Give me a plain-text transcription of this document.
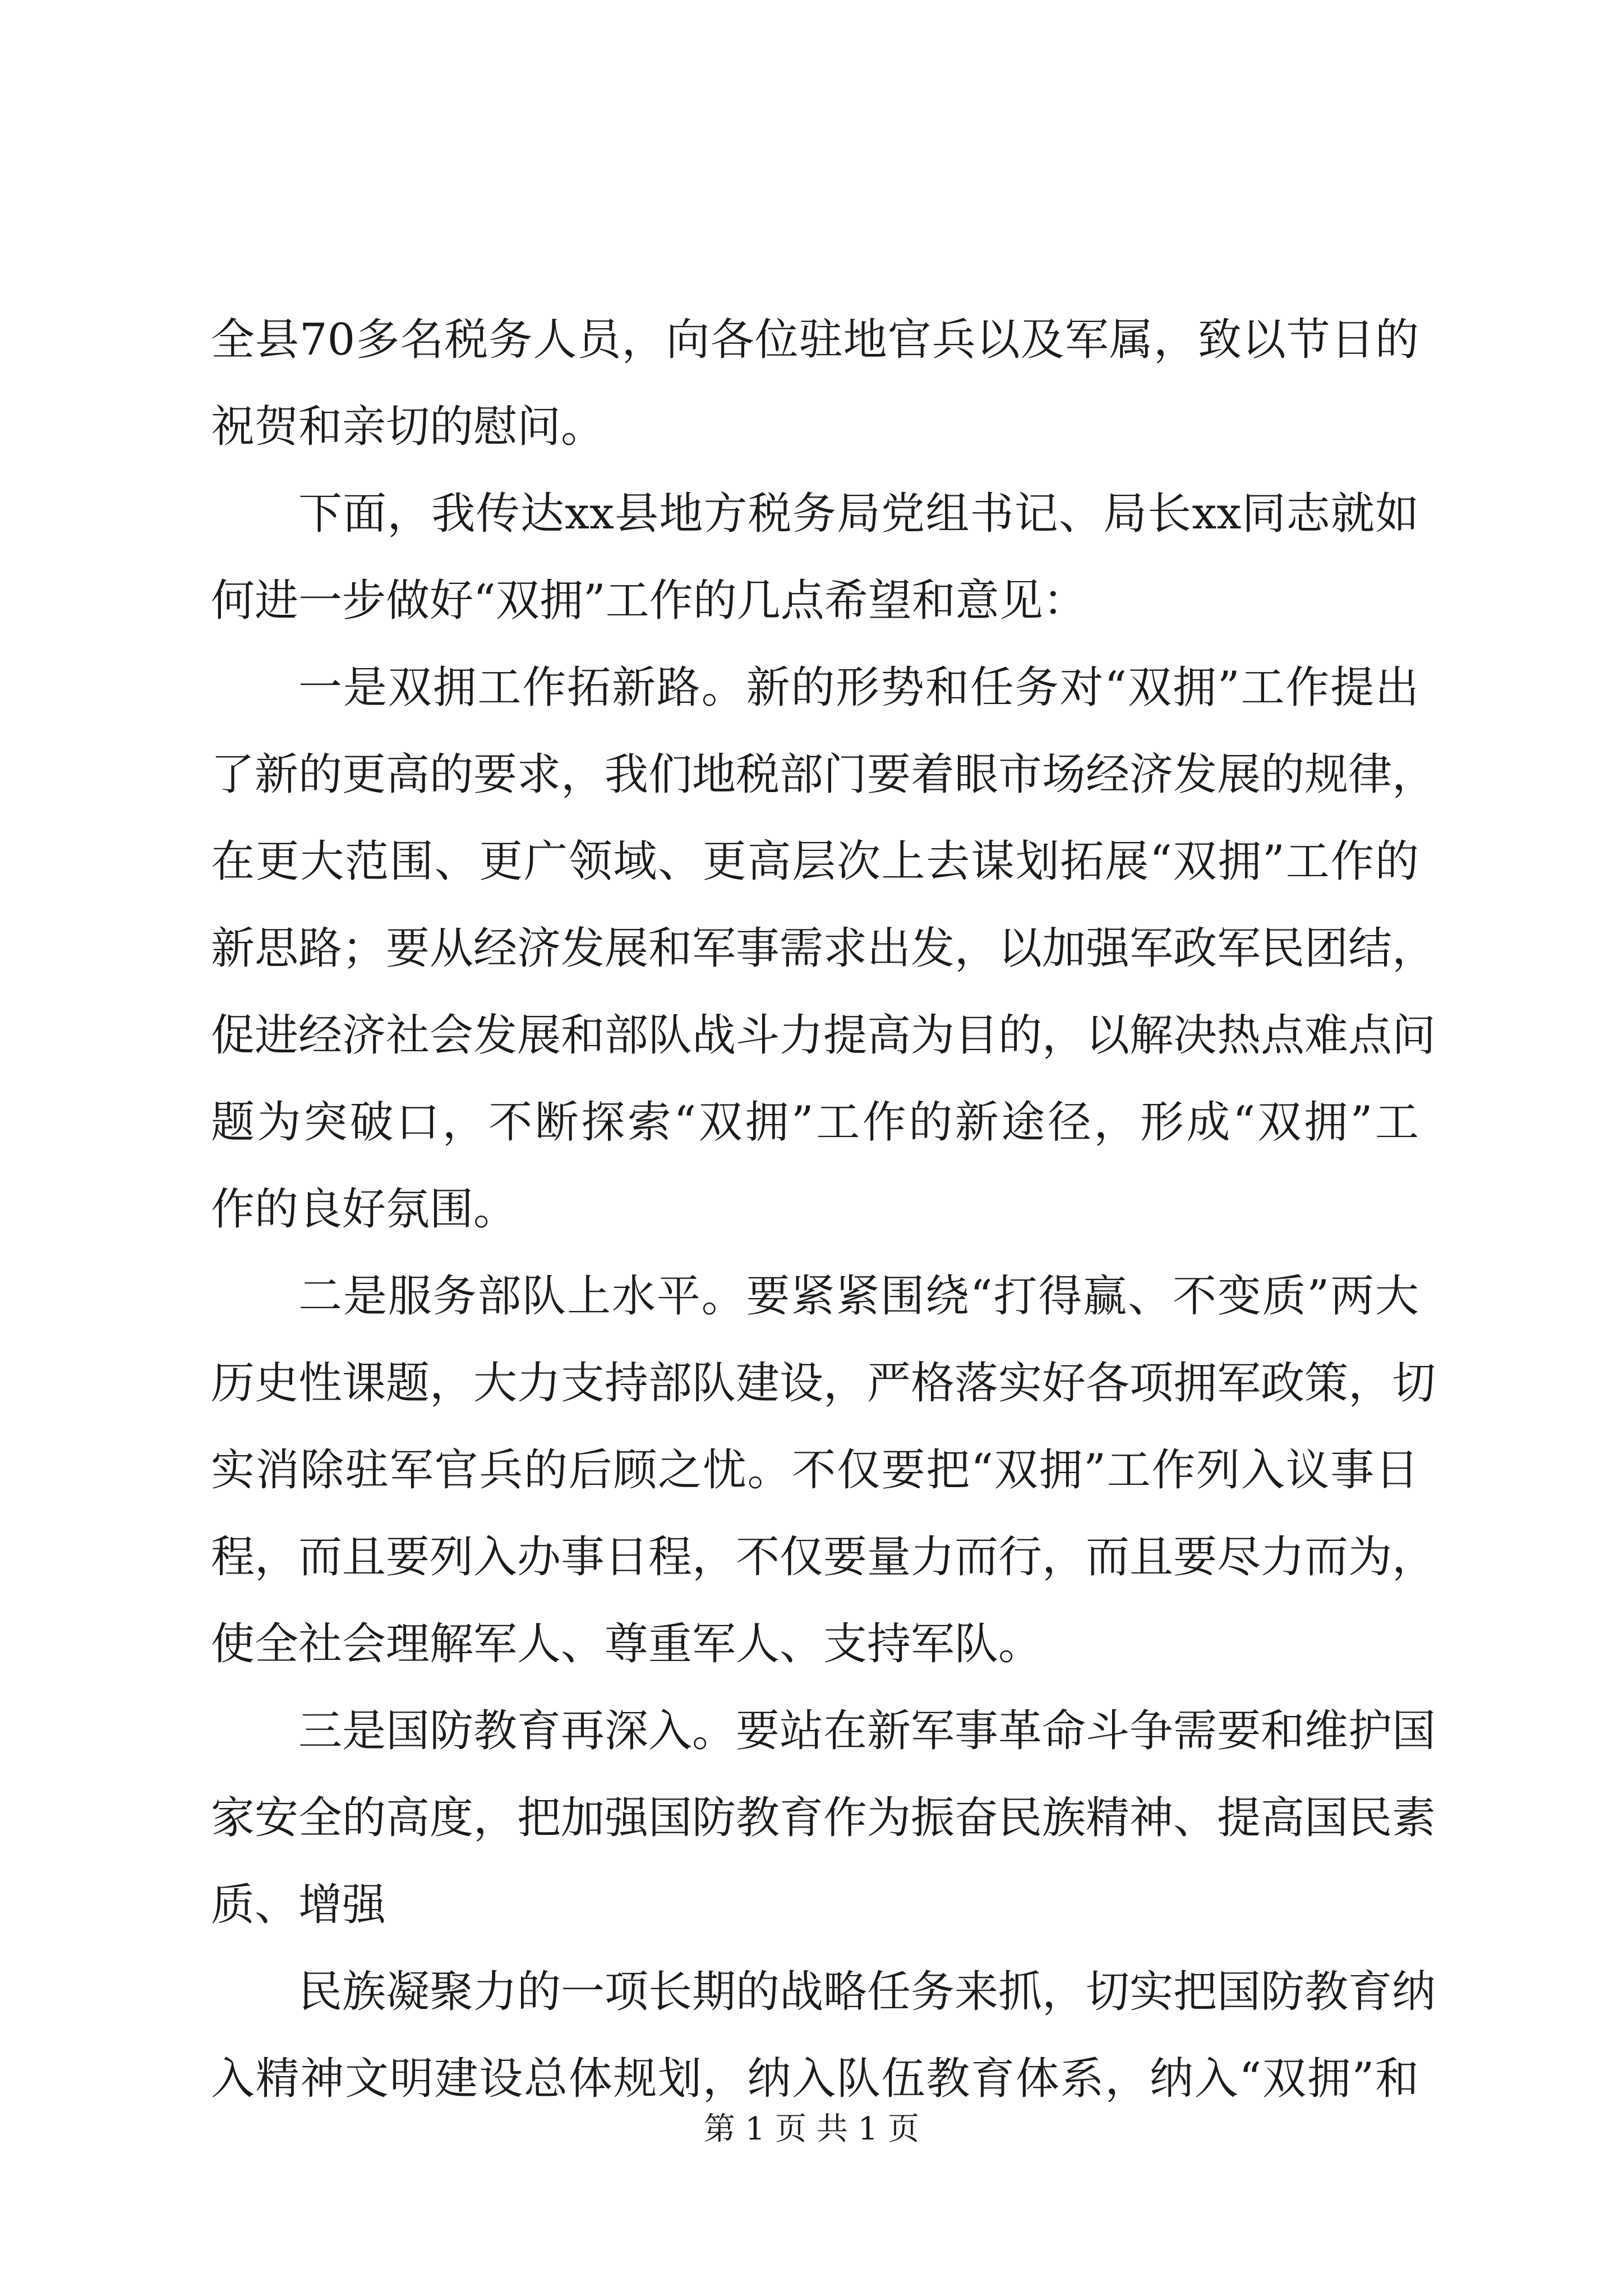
全县70多名税务人员，向各位驻地官兵以及军属，致以节日的
祝贺和亲切的慰问。
下面，我传达xx县地方税务局党组书记、局长xx同志就如
何进一步做好“双拥”工作的几点希望和意见：
一是双拥工作拓新路。新的形势和任务对“双拥”工作提出
了新的更高的要求，我们地税部门要着眼市场经济发展的规律，
在更大范围、更广领域、更高层次上去谋划拓展“双拥”工作的
新思路；要从经济发展和军事需求出发，以加强军政军民团结，
促进经济社会发展和部队战斗力提高为目的，以解决热点难点问
题为突破口，不断探索“双拥”工作的新途径，形成“双拥”工
作的良好氛围。
二是服务部队上水平。要紧紧围绕“打得赢、不变质”两大
历史性课题，大力支持部队建设，严格落实好各项拥军政策，切
实消除驻军官兵的后顾之忧。不仅要把“双拥”工作列入议事日
程，而且要列入办事日程，不仅要量力而行，而且要尽力而为，
使全社会理解军人、尊重军人、支持军队。
三是国防教育再深入。要站在新军事革命斗争需要和维护国
家安全的高度，把加强国防教育作为振奋民族精神、提高国民素
质、增强
民族凝聚力的一项长期的战略任务来抓，切实把国防教育纳
入精神文明建设总体规划，纳入队伍教育体系，纳入“双拥”和
第 1 页 共 1 页
